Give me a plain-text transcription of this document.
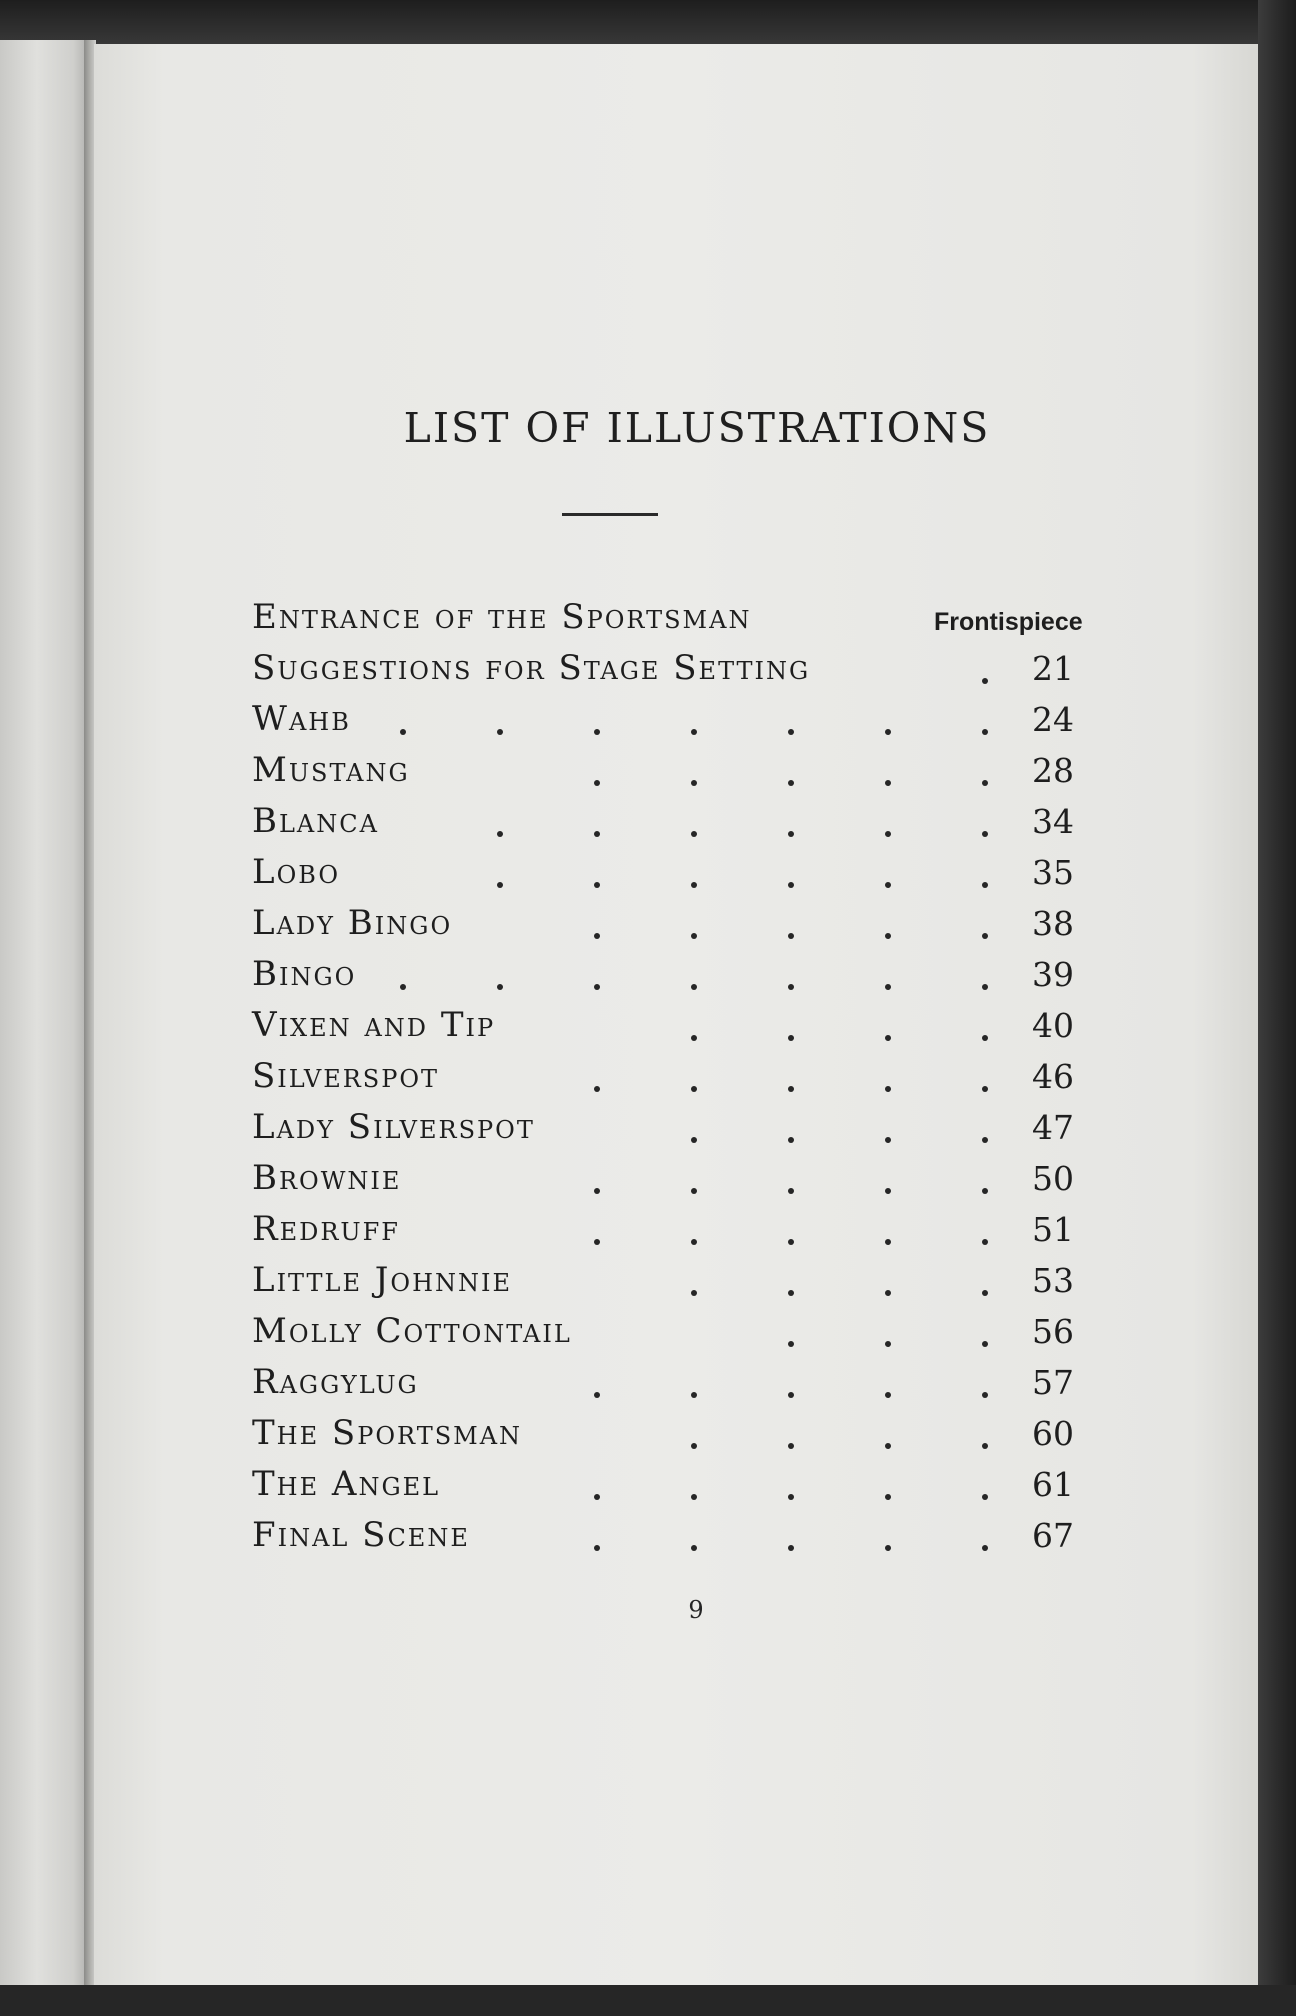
LIST OF ILLUSTRATIONS
Entrance of the Sportsman	Frontispiece
Suggestions for Stage Setting	21
Wahb	24
Mustang	28
Blanca	34
Lobo	35
Lady Bingo	38
Bingo	39
Vixen and Tip	40
Silverspot	46
Lady Silverspot	47
Brownie	50
Redruff	51
Little Johnnie	53
Molly Cottontail	56
Raggylug	57
The Sportsman	60
The Angel	61
Final Scene	67
9
